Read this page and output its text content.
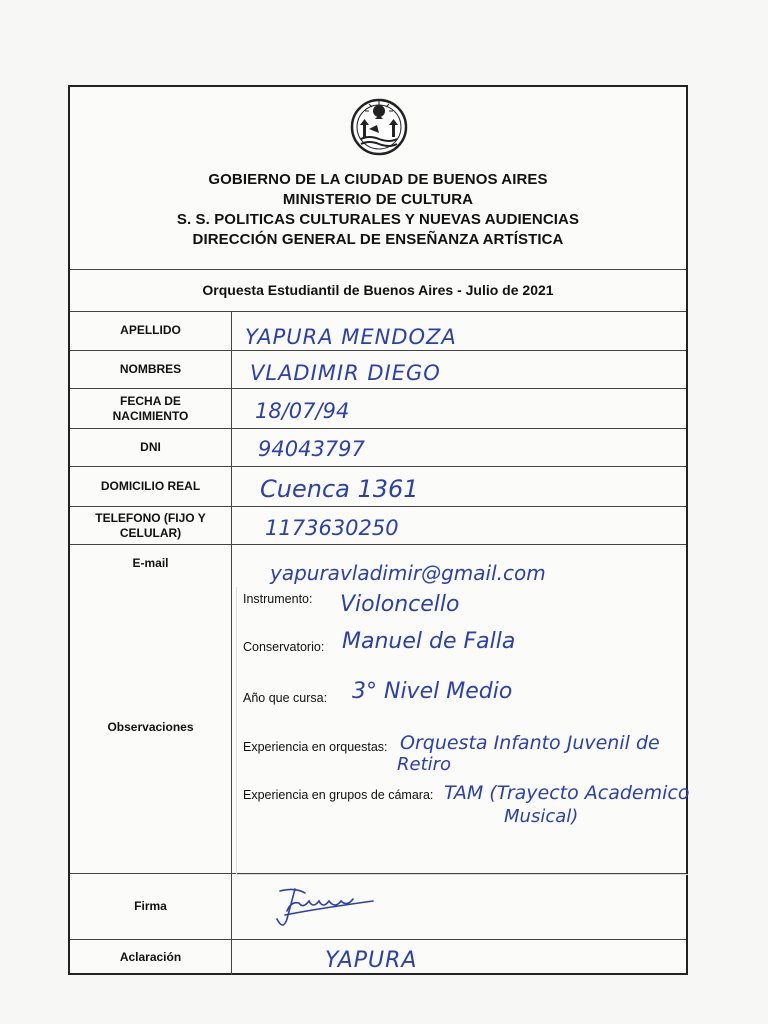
GOBIERNO DE LA CIUDAD DE BUENOS AIRES
MINISTERIO DE CULTURA
S. S. POLITICAS CULTURALES Y NUEVAS AUDIENCIAS
DIRECCIÓN GENERAL DE ENSEÑANZA ARTÍSTICA
Orquesta Estudiantil de Buenos Aires - Julio de 2021
APELLIDO	YAPURA MENDOZA
NOMBRES	VLADIMIR DIEGO
FECHA DE
NACIMIENTO	18/07/94
DNI	94043797
DOMICILIO REAL	Cuenca 1361
TELEFONO (FIJO Y
CELULAR)	1173630250
E-mail	yapuravladimir@gmail.com
Observaciones
Instrumento: Violoncello
Conservatorio: Manuel de Falla
Año que cursa: 3° Nivel Medio
Experiencia en orquestas: Orquesta Infanto Juvenil de
Retiro
Experiencia en grupos de cámara: TAM (Trayecto Academico
Musical)
Firma
Aclaración	YAPURA
